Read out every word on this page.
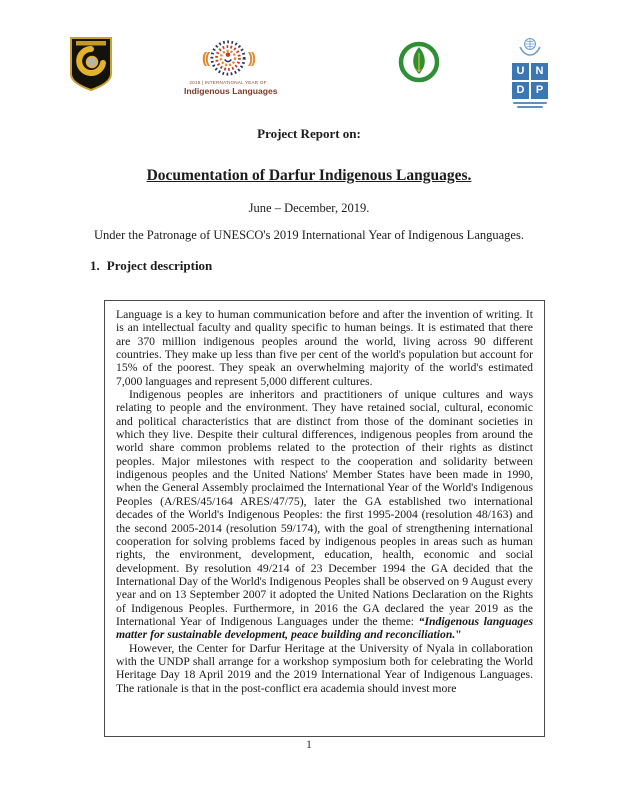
((	))
2019 | INTERNATIONAL YEAR OF
Indigenous Languages
U	N
D	P

Project Report on:

Documentation of Darfur Indigenous Languages.

June – December, 2019.

Under the Patronage of UNESCO's 2019 International Year of Indigenous Languages.

1. Project description

Language is a key to human communication before and after the invention of writing. It is an intellectual faculty and quality specific to human beings. It is estimated that there are 370 million indigenous peoples around the world, living across 90 different countries. They make up less than five per cent of the world's population but account for 15% of the poorest. They speak an overwhelming majority of the world's estimated 7,000 languages and represent 5,000 different cultures.

Indigenous peoples are inheritors and practitioners of unique cultures and ways relating to people and the environment. They have retained social, cultural, economic and political characteristics that are distinct from those of the dominant societies in which they live. Despite their cultural differences, indigenous peoples from around the world share common problems related to the protection of their rights as distinct peoples. Major milestones with respect to the cooperation and solidarity between indigenous peoples and the United Nations' Member States have been made in 1990, when the General Assembly proclaimed the International Year of the World's Indigenous Peoples (A/RES/45/164 ARES/47/75), later the GA established two international decades of the World's Indigenous Peoples: the first 1995-2004 (resolution 48/163) and the second 2005-2014 (resolution 59/174), with the goal of strengthening international cooperation for solving problems faced by indigenous peoples in areas such as human rights, the environment, development, education, health, economic and social development. By resolution 49/214 of 23 December 1994 the GA decided that the International Day of the World's Indigenous Peoples shall be observed on 9 August every year and on 13 September 2007 it adopted the United Nations Declaration on the Rights of Indigenous Peoples. Furthermore, in 2016 the GA declared the year 2019 as the International Year of Indigenous Languages under the theme: “Indigenous languages matter for sustainable development, peace building and reconciliation."

However, the Center for Darfur Heritage at the University of Nyala in collaboration with the UNDP shall arrange for a workshop symposium both for celebrating the World Heritage Day 18 April 2019 and the 2019 International Year of Indigenous Languages. The rationale is that in the post-conflict era academia should invest more

1
